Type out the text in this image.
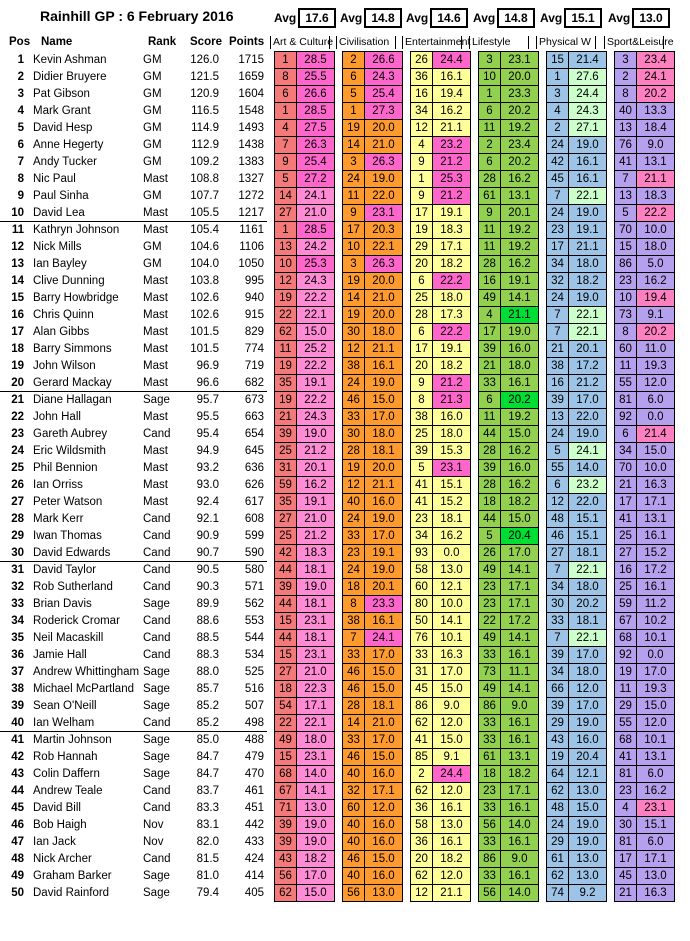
Rainhill GP : 6 February 2016
Pos Name	Rank Score Points
Avg 17.6
Art & Culture
Avg 14.8
Civilisation
Avg 14.6
Entertainment
Avg 14.8
Lifestyle
Avg 15.1
Physical W
Avg 13.0
Sport&Leisure
1	Kevin Ashman	GM	126.0	1715		1	28.5		2	26.6		26	24.4		3	23.1		15	21.4		3	23.4
2	Didier Bruyere	GM	121.5	1659		8	25.5		6	24.3		36	16.1		10	20.0		1	27.6		2	24.1
3	Pat Gibson	GM	120.9	1604		6	26.6		5	25.4		16	19.4		1	23.3		3	24.4		8	20.2
4	Mark Grant	GM	116.5	1548		1	28.5		1	27.3		34	16.2		6	20.2		4	24.3		40	13.3
5	David Hesp	GM	114.9	1493		4	27.5		19	20.0		12	21.1		11	19.2		2	27.1		13	18.4
6	Anne Hegerty	GM	112.9	1438		7	26.3		14	21.0		4	23.2		2	23.4		24	19.0		76	9.0
7	Andy Tucker	GM	109.2	1383		9	25.4		3	26.3		9	21.2		6	20.2		42	16.1		41	13.1
8	Nic Paul	Mast	108.8	1327		5	27.2		24	19.0		1	25.3		28	16.2		45	16.1		7	21.1
9	Paul Sinha	GM	107.7	1272		14	24.1		11	22.0		9	21.2		61	13.1		7	22.1		13	18.3
10	David Lea	Mast	105.5	1217		27	21.0		9	23.1		17	19.1		9	20.1		24	19.0		5	22.2
11	Kathryn Johnson	Mast	105.4	1161		1	28.5		17	20.3		19	18.3		11	19.2		23	19.1		70	10.0
12	Nick Mills	GM	104.6	1106		13	24.2		10	22.1		29	17.1		11	19.2		17	21.1		15	18.0
13	Ian Bayley	GM	104.0	1050		10	25.3		3	26.3		20	18.2		28	16.2		34	18.0		86	5.0
14	Clive Dunning	Mast	103.8	995		12	24.3		19	20.0		6	22.2		16	19.1		32	18.2		23	16.2
15	Barry Howbridge	Mast	102.6	940		19	22.2		14	21.0		25	18.0		49	14.1		24	19.0		10	19.4
16	Chris Quinn	Mast	102.6	915		22	22.1		19	20.0		28	17.3		4	21.1		7	22.1		73	9.1
17	Alan Gibbs	Mast	101.5	829		62	15.0		30	18.0		6	22.2		17	19.0		7	22.1		8	20.2
18	Barry Simmons	Mast	101.5	774		11	25.2		12	21.1		17	19.1		39	16.0		21	20.1		60	11.0
19	John Wilson	Mast	96.9	719		19	22.2		38	16.1		20	18.2		21	18.0		38	17.2		11	19.3
20	Gerard Mackay	Mast	96.6	682		35	19.1		24	19.0		9	21.2		33	16.1		16	21.2		55	12.0
21	Diane Hallagan	Sage	95.7	673		19	22.2		46	15.0		8	21.3		6	20.2		39	17.0		81	6.0
22	John Hall	Mast	95.5	663		21	24.3		33	17.0		38	16.0		11	19.2		13	22.0		92	0.0
23	Gareth Aubrey	Cand	95.4	654		39	19.0		30	18.0		25	18.0		44	15.0		24	19.0		6	21.4
24	Eric Wildsmith	Mast	94.9	645		25	21.2		28	18.1		39	15.3		28	16.2		5	24.1		34	15.0
25	Phil Bennion	Mast	93.2	636		31	20.1		19	20.0		5	23.1		39	16.0		55	14.0		70	10.0
26	Ian Orriss	Mast	93.0	626		59	16.2		12	21.1		41	15.1		28	16.2		6	23.2		21	16.3
27	Peter Watson	Mast	92.4	617		35	19.1		40	16.0		41	15.2		18	18.2		12	22.0		17	17.1
28	Mark Kerr	Cand	92.1	608		27	21.0		24	19.0		23	18.1		44	15.0		48	15.1		41	13.1
29	Iwan Thomas	Cand	90.9	599		25	21.2		33	17.0		34	16.2		5	20.4		46	15.1		25	16.1
30	David Edwards	Cand	90.7	590		42	18.3		23	19.1		93	0.0		26	17.0		27	18.1		27	15.2
31	David Taylor	Cand	90.5	580		44	18.1		24	19.0		58	13.0		49	14.1		7	22.1		16	17.2
32	Rob Sutherland	Cand	90.3	571		39	19.0		18	20.1		60	12.1		23	17.1		34	18.0		25	16.1
33	Brian Davis	Sage	89.9	562		44	18.1		8	23.3		80	10.0		23	17.1		30	20.2		59	11.2
34	Roderick Cromar	Cand	88.6	553		15	23.1		38	16.1		50	14.1		22	17.2		33	18.1		67	10.2
35	Neil Macaskill	Cand	88.5	544		44	18.1		7	24.1		76	10.1		49	14.1		7	22.1		68	10.1
36	Jamie Hall	Cand	88.3	534		15	23.1		33	17.0		33	16.3		33	16.1		39	17.0		92	0.0
37	Andrew Whittingham	Sage	88.0	525		27	21.0		46	15.0		31	17.0		73	11.1		34	18.0		19	17.0
38	Michael McPartland	Sage	85.7	516		18	22.3		46	15.0		45	15.0		49	14.1		66	12.0		11	19.3
39	Sean O'Neill	Sage	85.2	507		54	17.1		28	18.1		86	9.0		86	9.0		39	17.0		29	15.0
40	Ian Welham	Cand	85.2	498		22	22.1		14	21.0		62	12.0		33	16.1		29	19.0		55	12.0
41	Martin Johnson	Sage	85.0	488		49	18.0		33	17.0		41	15.0		33	16.1		43	16.0		68	10.1
42	Rob Hannah	Sage	84.7	479		15	23.1		46	15.0		85	9.1		61	13.1		19	20.4		41	13.1
43	Colin Daffern	Sage	84.7	470		68	14.0		40	16.0		2	24.4		18	18.2		64	12.1		81	6.0
44	Andrew Teale	Cand	83.7	461		67	14.1		32	17.1		62	12.0		23	17.1		62	13.0		23	16.2
45	David Bill	Cand	83.3	451		71	13.0		60	12.0		36	16.1		33	16.1		48	15.0		4	23.1
46	Bob Haigh	Nov	83.1	442		39	19.0		40	16.0		58	13.0		56	14.0		24	19.0		30	15.1
47	Ian Jack	Nov	82.0	433		39	19.0		40	16.0		36	16.1		33	16.1		29	19.0		81	6.0
48	Nick Archer	Cand	81.5	424		43	18.2		46	15.0		20	18.2		86	9.0		61	13.0		17	17.1
49	Graham Barker	Sage	81.0	414		56	17.0		40	16.0		62	12.0		33	16.1		62	13.0		45	13.0
50	David Rainford	Sage	79.4	405		62	15.0		56	13.0		12	21.1		56	14.0		74	9.2		21	16.3
